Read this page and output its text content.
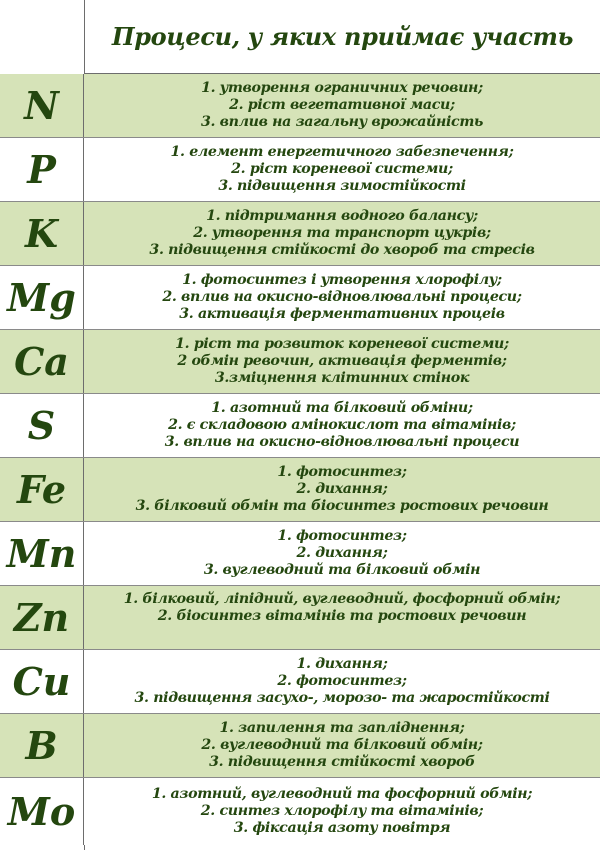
Процеси, у яких приймає участь
N	1. утворення ограничних речовин;
2. ріст вегетативної маси;
3. вплив на загальну врожайність
P	1. елемент енергетичного забезпечення;
2. ріст кореневої системи;
3. підвищення зимостійкості
K	1. підтримання водного балансу;
2. утворення та транспорт цукрів;
3. підвищення стійкості до хвороб та стресів
Mg	1. фотосинтез і утворення хлорофілу;
2. вплив на окисно-відновлювальні процеси;
3. активація ферментативних процеів
Ca	1. ріст та розвиток кореневої системи;
2 обмін ревочин, активація ферментів;
3.зміцнення клітинних стінок
S	1. азотний та білковий обміни;
2. є складовою амінокислот та вітамінів;
3. вплив на окисно-відновлювальні процеси
Fe	1. фотосинтез;
2. дихання;
3. білковий обмін та біосинтез ростових речовин
Mn	1. фотосинтез;
2. дихання;
3. вуглеводний та білковий обмін
Zn	1. білковий, ліпідний, вуглеводний, фосфорний обмін;
2. біосинтез вітамінів та ростових речовин
Cu	1. дихання;
2. фотосинтез;
3. підвищення засухо-, морозо- та жаростійкості
B	1. запилення та запліднення;
2. вуглеводний та білковий обмін;
3. підвищення стійкості хвороб
Mo	1. азотний, вуглеводний та фосфорний обмін;
2. синтез хлорофілу та вітамінів;
3. фіксація азоту повітря
